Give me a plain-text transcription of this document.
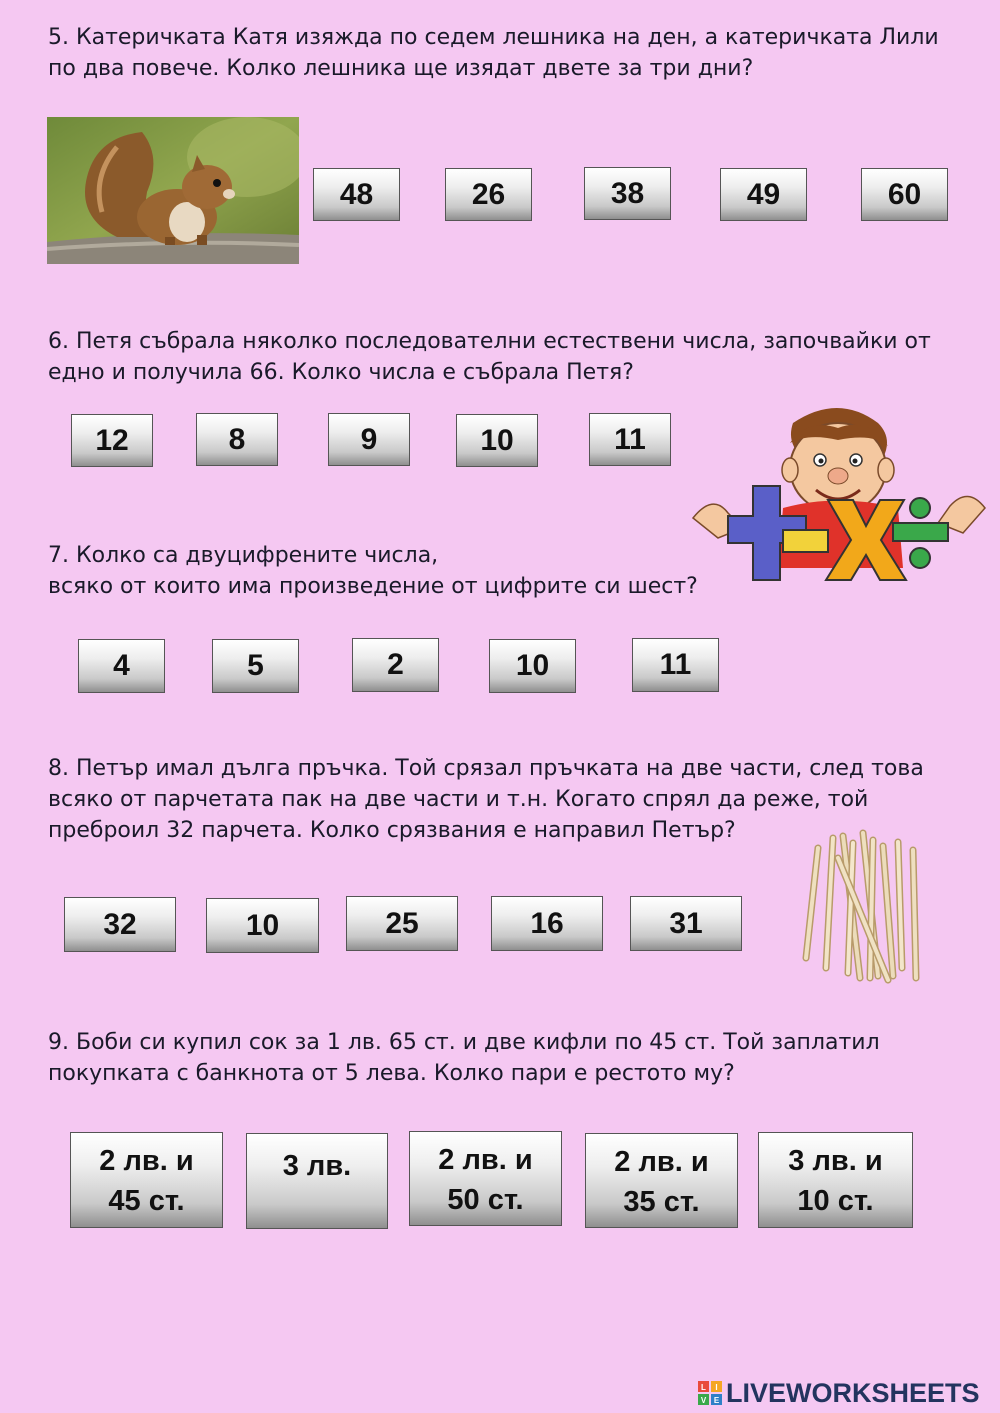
5. Катеричката Катя изяжда по седем лешника на ден, а катеричката Лили
по два повече. Колко лешника ще изядат двете за три дни?
48	26	38	49	60
6. Петя събрала няколко последователни естествени числа, започвайки от
едно и получила 66. Колко числа е събрала Петя?
12	8	9	10	11
7. Колко са двуцифрените числа,
всяко от които има произведение от цифрите си шест?
4	5	2	10	11
8. Петър имал дълга пръчка. Той срязал пръчката на две части, след това
всяко от парчетата пак на две части и т.н. Когато спрял да реже, той
преброил 32 парчета. Колко срязвания е направил Петър?
32	10	25	16	31
9. Боби си купил сок за 1 лв. 65 ст. и две кифли по 45 ст. Той заплатил
покупката с банкнота от 5 лева. Колко пари е рестото му?
2 лв. и
45 ст.
3 лв.	2 лв. и
50 ст.
2 лв. и
35 ст.
3 лв. и
10 ст.
L I
V E LIVEWORKSHEETS
